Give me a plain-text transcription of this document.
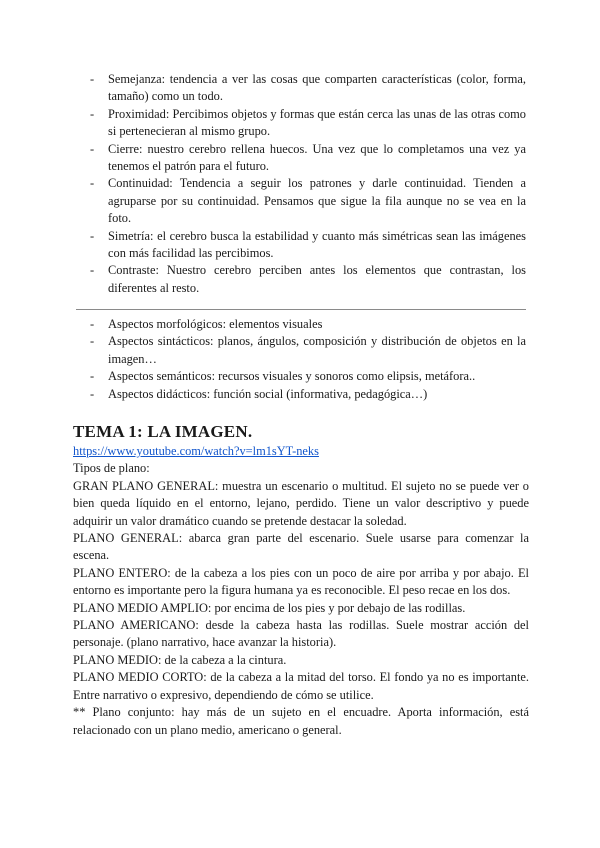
- Semejanza: tendencia a ver las cosas que comparten características (color, forma, tamaño) como un todo.
- Proximidad: Percibimos objetos y formas que están cerca las unas de las otras como si pertenecieran al mismo grupo.
- Cierre: nuestro cerebro rellena huecos. Una vez que lo completamos una vez ya tenemos el patrón para el futuro.
- Continuidad: Tendencia a seguir los patrones y darle continuidad. Tienden a agruparse por su continuidad. Pensamos que sigue la fila aunque no se vea en la foto.
- Simetría: el cerebro busca la estabilidad y cuanto más simétricas sean las imágenes con más facilidad las percibimos.
- Contraste: Nuestro cerebro perciben antes los elementos que contrastan, los diferentes al resto.
- Aspectos morfológicos: elementos visuales
- Aspectos sintácticos: planos, ángulos, composición y distribución de objetos en la imagen…
- Aspectos semánticos: recursos visuales y sonoros como elipsis, metáfora..
- Aspectos didácticos: función social (informativa, pedagógica…)
TEMA 1: LA IMAGEN.
https://www.youtube.com/watch?v=lm1sYT-neks

Tipos de plano:

GRAN PLANO GENERAL: muestra un escenario o multitud. El sujeto no se puede ver o bien queda líquido en el entorno, lejano, perdido. Tiene un valor descriptivo y puede adquirir un valor dramático cuando se pretende destacar la soledad.

PLANO GENERAL: abarca gran parte del escenario. Suele usarse para comenzar la escena.

PLANO ENTERO: de la cabeza a los pies con un poco de aire por arriba y por abajo. El entorno es importante pero la figura humana ya es reconocible. El peso recae en los dos.

PLANO MEDIO AMPLIO: por encima de los pies y por debajo de las rodillas.

PLANO AMERICANO: desde la cabeza hasta las rodillas. Suele mostrar acción del personaje. (plano narrativo, hace avanzar la historia).

PLANO MEDIO: de la cabeza a la cintura.

PLANO MEDIO CORTO: de la cabeza a la mitad del torso. El fondo ya no es importante. Entre narrativo o expresivo, dependiendo de cómo se utilice.

** Plano conjunto: hay más de un sujeto en el encuadre. Aporta información, está relacionado con un plano medio, americano o general.
